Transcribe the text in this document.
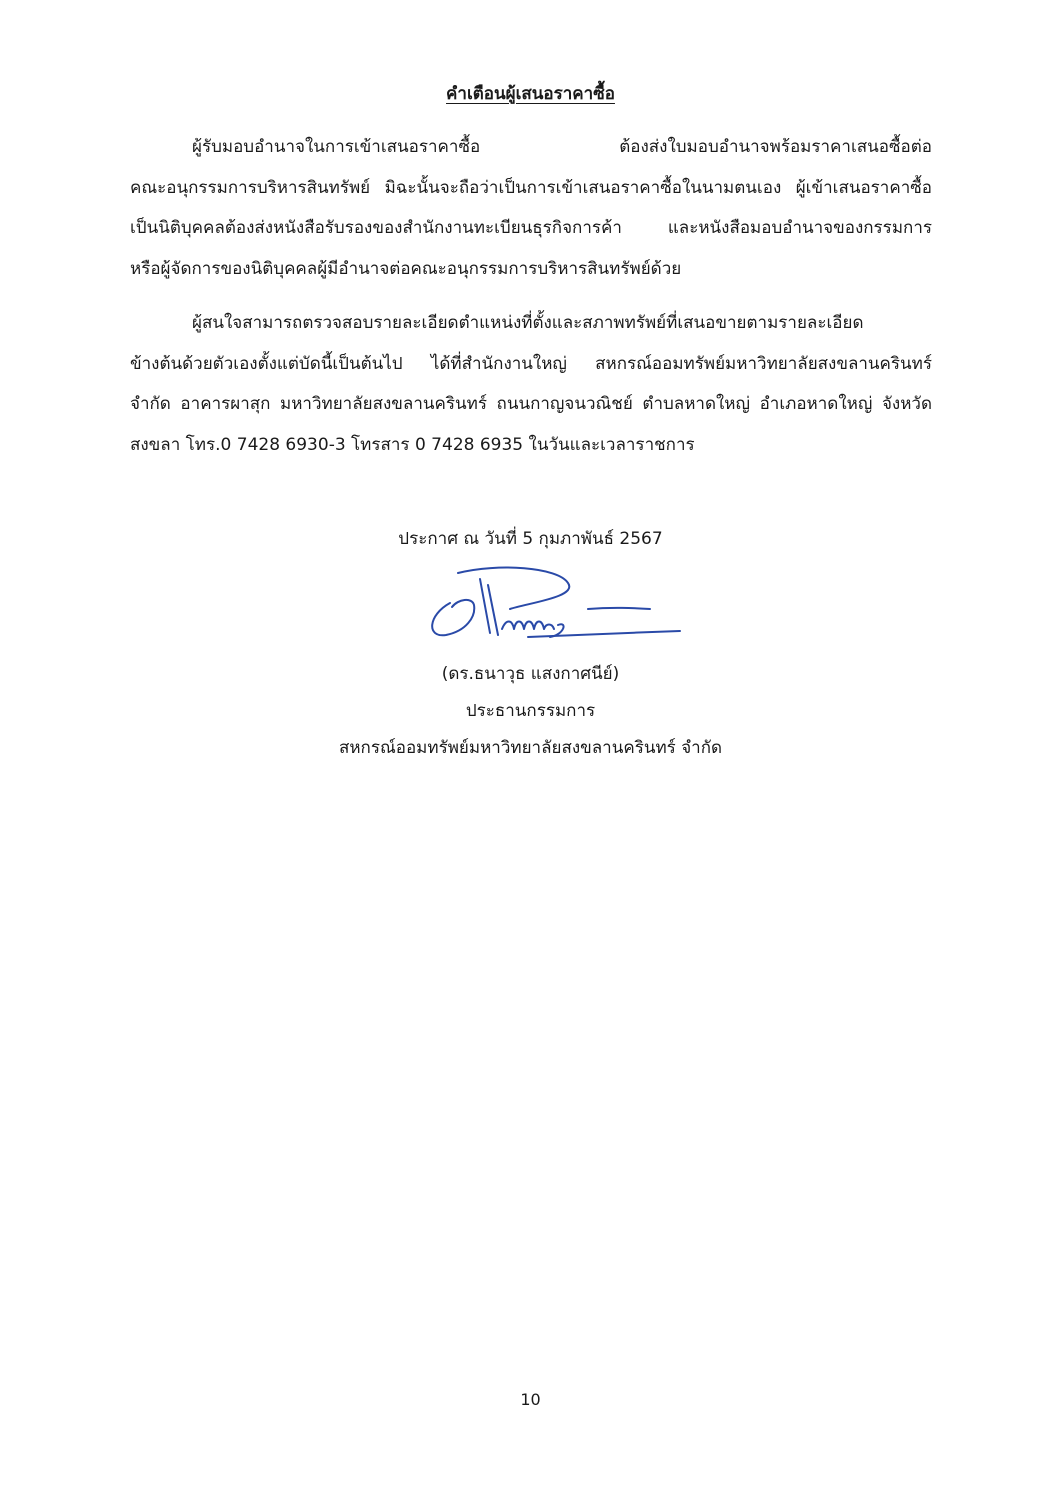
คำเตือนผู้เสนอราคาซื้อ
ผู้รับมอบอำนาจในการเข้าเสนอราคาซื้อ ต้องส่งใบมอบอำนาจพร้อมราคาเสนอซื้อต่อ
คณะอนุกรรมการบริหารสินทรัพย์ มิฉะนั้นจะถือว่าเป็นการเข้าเสนอราคาซื้อในนามตนเอง ผู้เข้าเสนอราคาซื้อ
เป็นนิติบุคคลต้องส่งหนังสือรับรองของสำนักงานทะเบียนธุรกิจการค้า และหนังสือมอบอำนาจของกรรมการ
หรือผู้จัดการของนิติบุคคลผู้มีอำนาจต่อคณะอนุกรรมการบริหารสินทรัพย์ด้วย
ผู้สนใจสามารถตรวจสอบรายละเอียดตำแหน่งที่ตั้งและสภาพทรัพย์ที่เสนอขายตามรายละเอียด
ข้างต้นด้วยตัวเองตั้งแต่บัดนี้เป็นต้นไป ได้ที่สำนักงานใหญ่ สหกรณ์ออมทรัพย์มหาวิทยาลัยสงขลานครินทร์
จำกัด อาคารผาสุก มหาวิทยาลัยสงขลานครินทร์ ถนนกาญจนวณิชย์ ตำบลหาดใหญ่ อำเภอหาดใหญ่ จังหวัด
สงขลา โทร.0 7428 6930-3 โทรสาร 0 7428 6935 ในวันและเวลาราชการ
ประกาศ ณ วันที่ 5 กุมภาพันธ์ 2567
(ดร.ธนาวุธ แสงกาศนีย์)
ประธานกรรมการ
สหกรณ์ออมทรัพย์มหาวิทยาลัยสงขลานครินทร์ จำกัด
10
